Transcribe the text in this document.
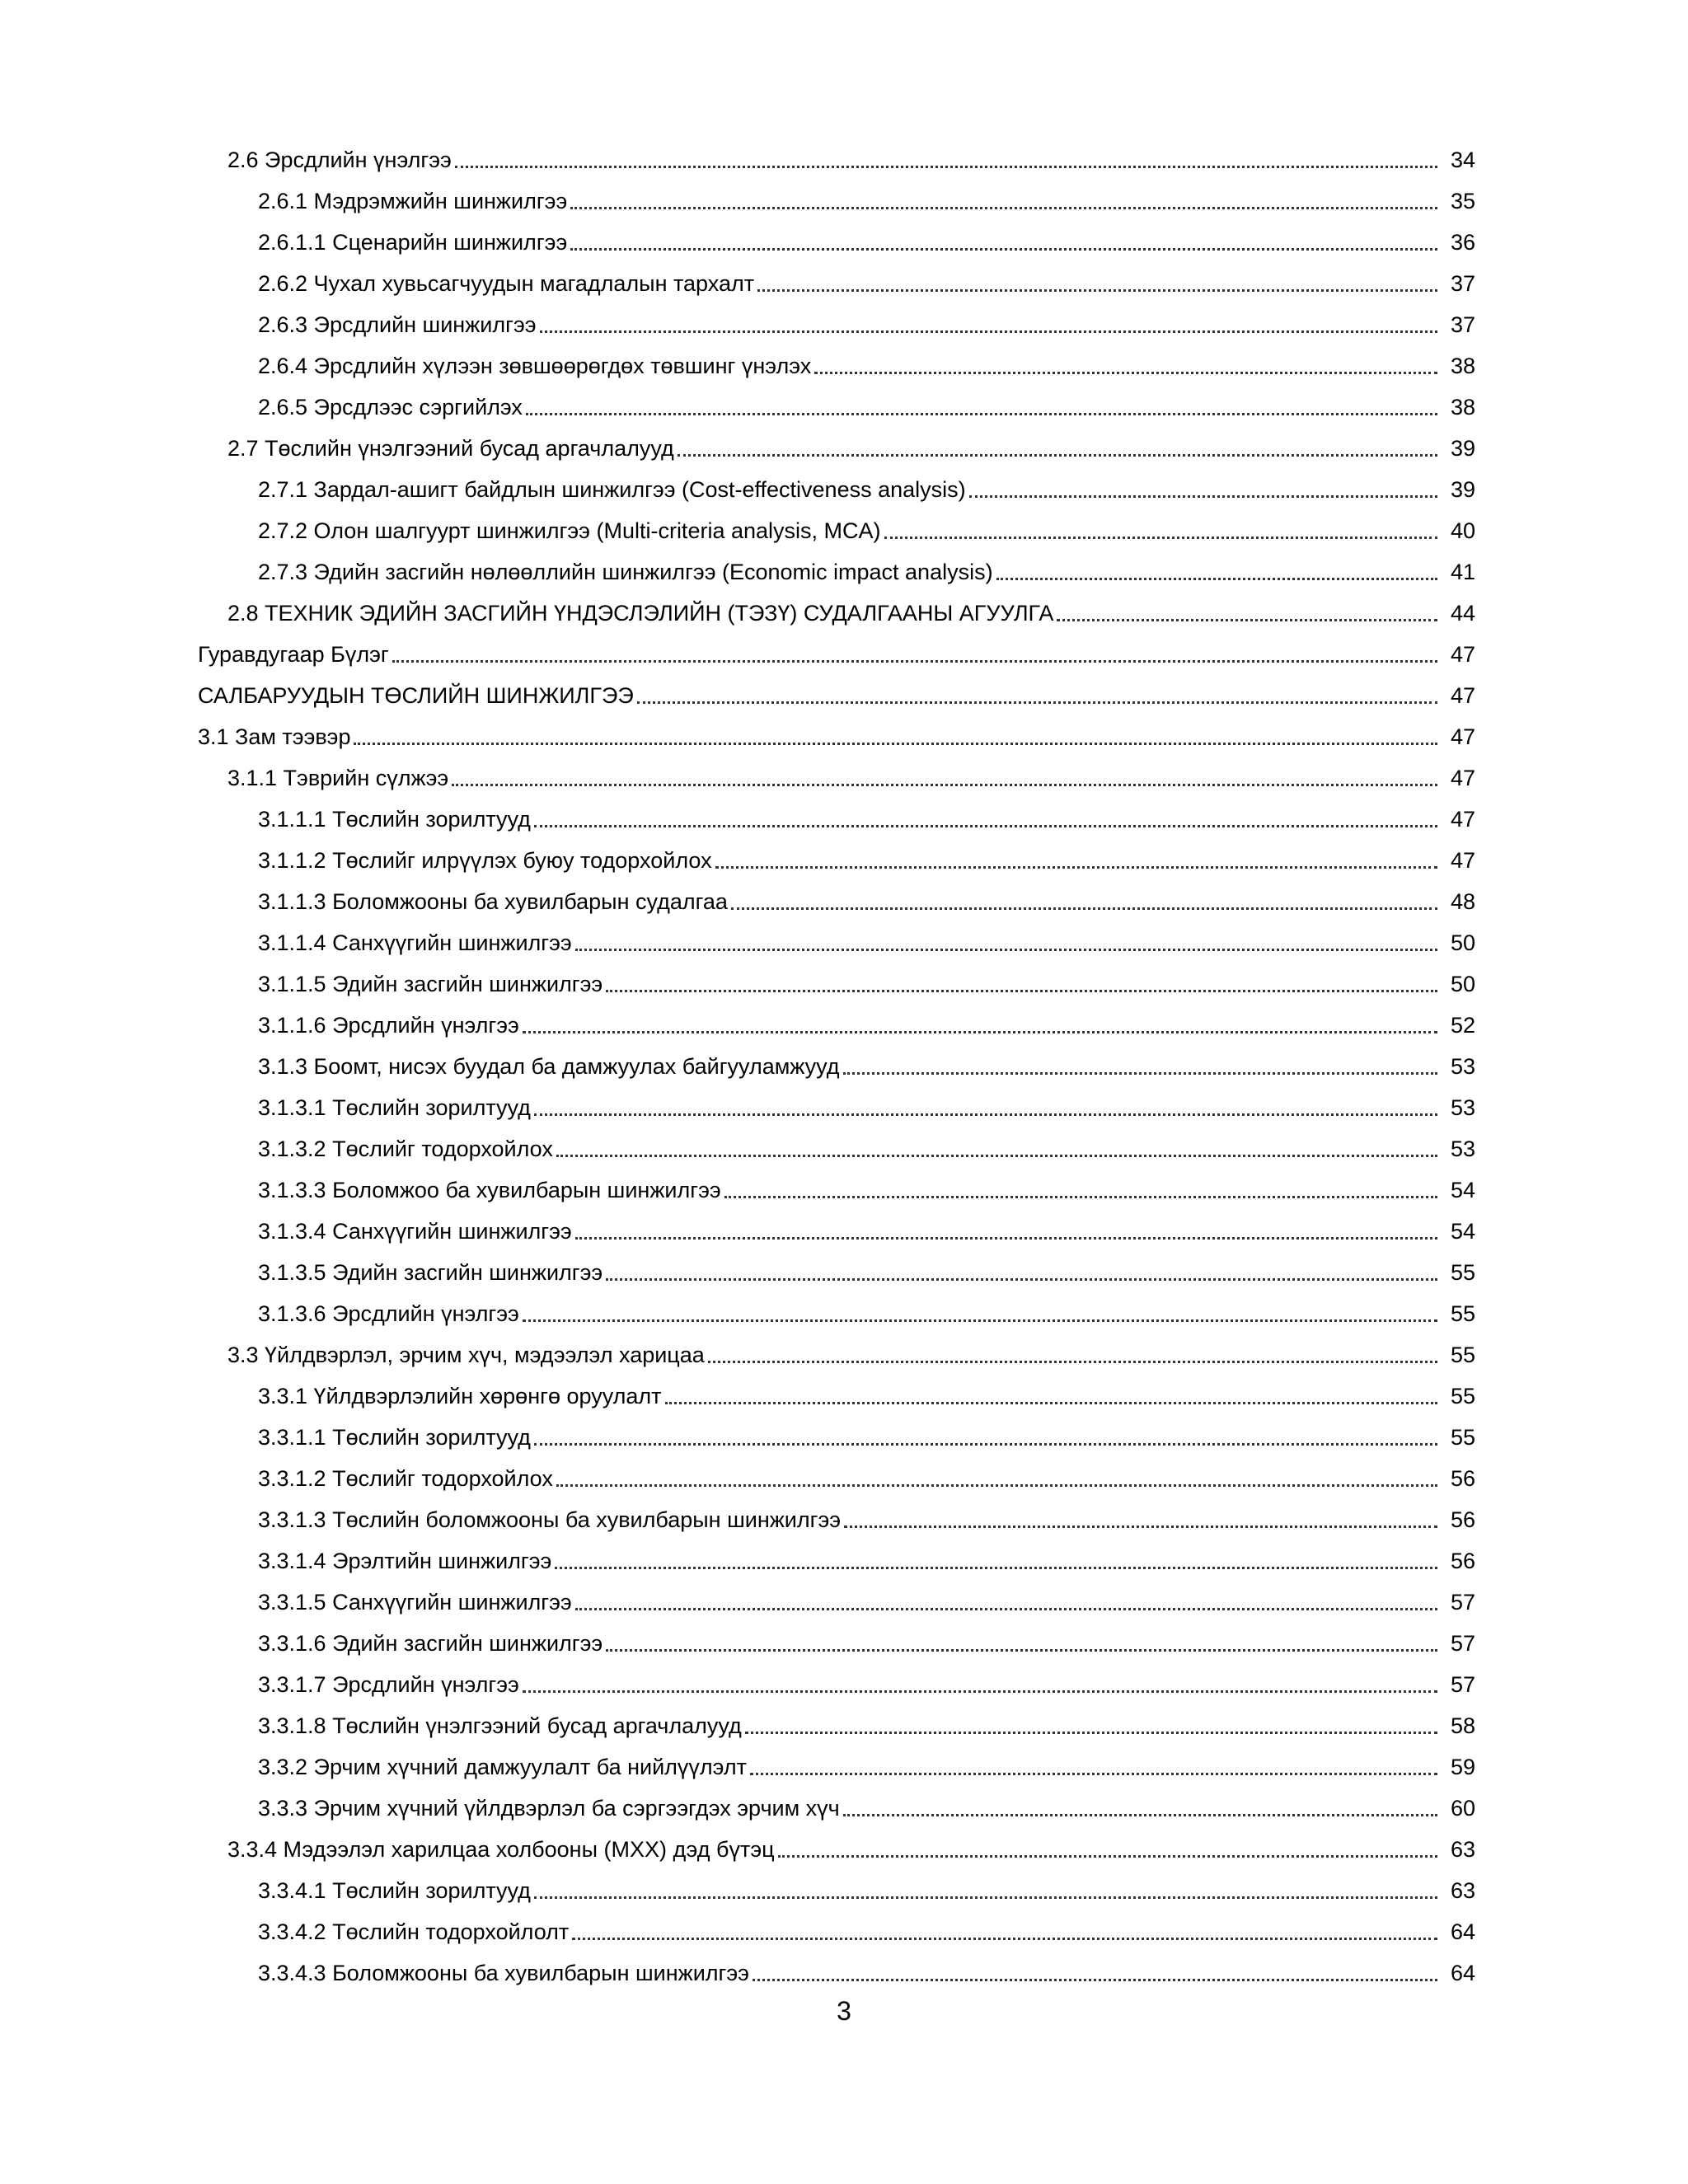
2.6 Эрсдлийн үнэлгээ	34
2.6.1 Мэдрэмжийн шинжилгээ	35
2.6.1.1 Сценарийн шинжилгээ	36
2.6.2 Чухал хувьсагчуудын магадлалын тархалт	37
2.6.3 Эрсдлийн шинжилгээ	37
2.6.4 Эрсдлийн хүлээн зөвшөөрөгдөх төвшинг үнэлэх	38
2.6.5 Эрсдлээс сэргийлэх	38
2.7 Төслийн үнэлгээний бусад аргачлалууд	39
2.7.1 Зардал-ашигт байдлын шинжилгээ (Cost-effectiveness analysis)	39
2.7.2 Олон шалгуурт шинжилгээ (Multi-criteria analysis, MCA)	40
2.7.3 Эдийн засгийн нөлөөллийн шинжилгээ (Economic impact analysis)	41
2.8 ТЕХНИК ЭДИЙН ЗАСГИЙН ҮНДЭСЛЭЛИЙН (ТЭЗҮ) СУДАЛГААНЫ АГУУЛГА	44
Гуравдугаар Бүлэг	47
САЛБАРУУДЫН ТӨСЛИЙН ШИНЖИЛГЭЭ	47
3.1 Зам тээвэр	47
3.1.1 Тэврийн сүлжээ	47
3.1.1.1 Төслийн зорилтууд	47
3.1.1.2 Төслийг илрүүлэх буюу тодорхойлох	47
3.1.1.3 Боломжооны ба хувилбарын судалгаа	48
3.1.1.4 Санхүүгийн шинжилгээ	50
3.1.1.5 Эдийн засгийн шинжилгээ	50
3.1.1.6 Эрсдлийн үнэлгээ	52
3.1.3 Боомт, нисэх буудал ба дамжуулах байгууламжууд	53
3.1.3.1 Төслийн зорилтууд	53
3.1.3.2 Төслийг тодорхойлох	53
3.1.3.3 Боломжоо ба хувилбарын шинжилгээ	54
3.1.3.4 Санхүүгийн шинжилгээ	54
3.1.3.5 Эдийн засгийн шинжилгээ	55
3.1.3.6 Эрсдлийн үнэлгээ	55
3.3 Үйлдвэрлэл, эрчим хүч, мэдээлэл харицаа	55
3.3.1 Үйлдвэрлэлийн хөрөнгө оруулалт	55
3.3.1.1 Төслийн зорилтууд	55
3.3.1.2 Төслийг тодорхойлох	56
3.3.1.3 Төслийн боломжооны ба хувилбарын шинжилгээ	56
3.3.1.4 Эрэлтийн шинжилгээ	56
3.3.1.5 Санхүүгийн шинжилгээ	57
3.3.1.6 Эдийн засгийн шинжилгээ	57
3.3.1.7 Эрсдлийн үнэлгээ	57
3.3.1.8 Төслийн үнэлгээний бусад аргачлалууд	58
3.3.2 Эрчим хүчний дамжуулалт ба нийлүүлэлт	59
3.3.3 Эрчим хүчний үйлдвэрлэл ба сэргээгдэх эрчим хүч	60
3.3.4 Мэдээлэл харилцаа холбооны (МХХ) дэд бүтэц	63
3.3.4.1 Төслийн зорилтууд	63
3.3.4.2 Төслийн тодорхойлолт	64
3.3.4.3 Боломжооны ба хувилбарын шинжилгээ	64
3
